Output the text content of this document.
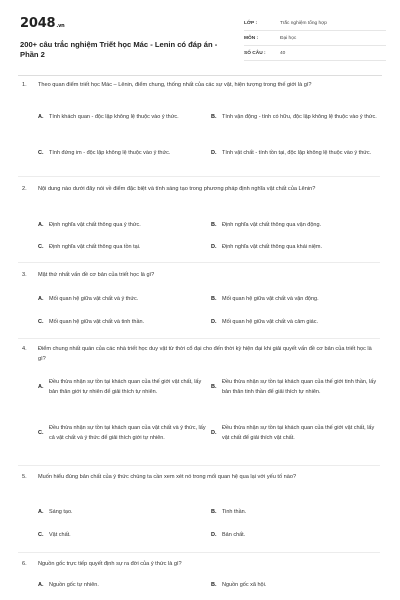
2048.vn
200+ câu trắc nghiệm Triết học Mác - Lenin có đáp án - Phần 2
LỚP :	Trắc nghiệm tổng hợp
MÔN :	Đại học
SỐ CÂU :	40
1.	Theo quan điểm triết học Mác – Lênin, điểm chung, thống nhất của các sự vật, hiện tượng trong thế giới là gì?
A.	Tính khách quan - độc lập không lệ thuộc vào ý thức.	B.	Tính vận động - tính có hữu, độc lập không lệ thuộc vào ý thức.
C.	Tính đứng im - độc lập không lệ thuộc vào ý thức.	D.	Tính vật chất - tính tồn tại, độc lập không lệ thuộc vào ý thức.
2.	Nội dung nào dưới đây nói về điểm đặc biệt và tính sáng tạo trong phương pháp định nghĩa vật chất của Lênin?
A.	Định nghĩa vật chất thông qua ý thức.	B.	Định nghĩa vật chất thông qua vận động.
C.	Định nghĩa vật chất thông qua tồn tại.	D.	Định nghĩa vật chất thông qua khái niệm.
3.	Mặt thứ nhất vấn đề cơ bản của triết học là gì?
A.	Mối quan hệ giữa vật chất và ý thức.	B.	Mối quan hệ giữa vật chất và vận động.
C.	Mối quan hệ giữa vật chất và tinh thần.	D.	Mối quan hệ giữa vật chất và cảm giác.
4.	Điểm chung nhất quán của các nhà triết học duy vật từ thời cổ đại cho đến thời kỳ hiện đại khi giải quyết vấn đề cơ bản của triết học là gì?
A.
Đều thừa nhận sự tồn tại khách quan của thế giới vật chất, lấy bản thân giới tự nhiên để giải thích tự nhiên.
B.
Đều thừa nhận sự tồn tại khách quan của thế giới tinh thần, lấy bản thân tinh thần để giải thích tự nhiên.
C.
Đều thừa nhận sự tồn tại khách quan của vật chất và ý thức, lấy cả vật chất và ý thức để giải thích giới tự nhiên.
D.
Đều thừa nhận sự tồn tại khách quan của thế giới vật chất, lấy vật chất để giải thích vật chất.
5.	Muốn hiểu đúng bản chất của ý thức chúng ta cần xem xét nó trong mối quan hệ qua lại với yếu tố nào?
A.	Sáng tạo.	B.	Tinh thần.
C.	Vật chất.	D.	Bản chất.
6.	Nguồn gốc trực tiếp quyết định sự ra đời của ý thức là gì?
A.	Nguồn gốc tự nhiên.	B.	Nguồn gốc xã hội.
